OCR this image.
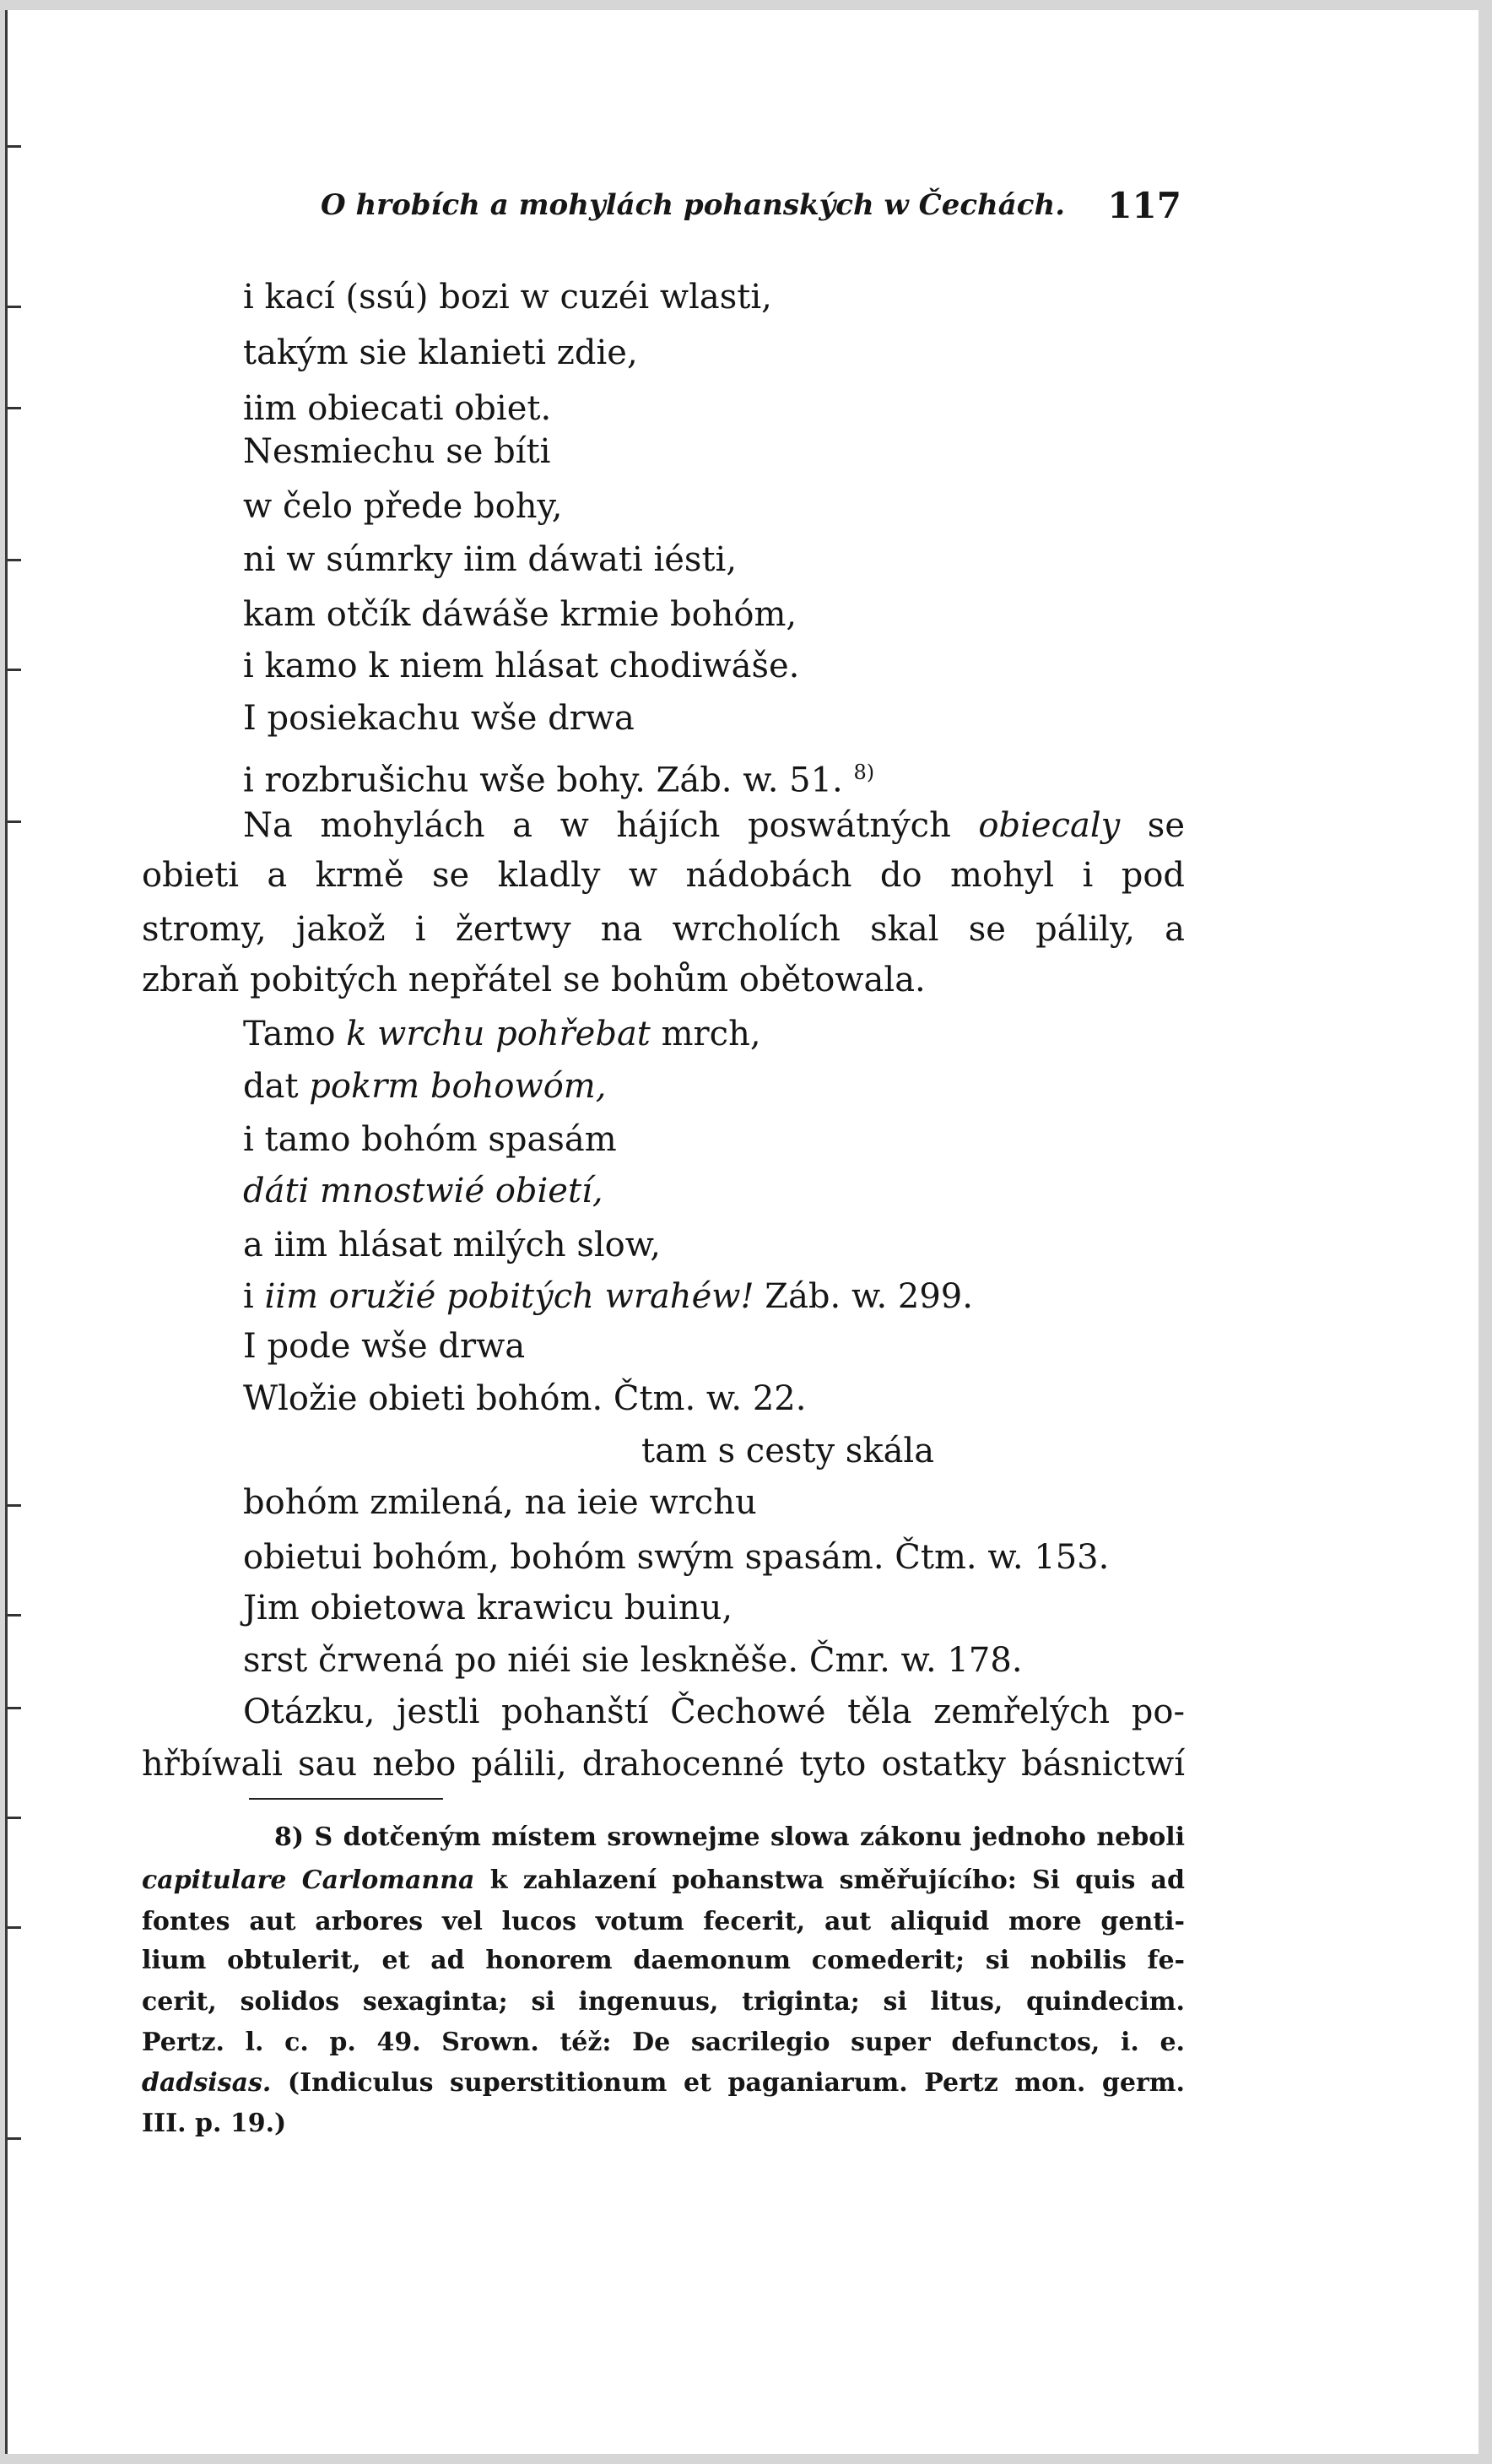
O hrobích a mohylách pohanských w Čechách. 117
i kací (ssú) bozi w cuzéi wlasti,
takým sie klanieti zdie,
iim obiecati obiet.
Nesmiechu se bíti
w čelo přede bohy,
ni w súmrky iim dáwati iésti,
kam otčík dáwáše krmie bohóm,
i kamo k niem hlásat chodiwáše.
I posiekachu wše drwa
i rozbrušichu wše bohy. Záb. w. 51. $^{8)}$
Na mohylách a w hájích poswátných obiecaly se
obieti a krmě se kladly w nádobách do mohyl i pod
stromy, jakož i žertwy na wrcholích skal se pálily, a
zbraň pobitých nepřátel se bohům obětowala.
Tamo k wrchu pohřebat mrch,
dat pokrm bohowóm,
i tamo bohóm spasám
dáti mnostwié obietí,
a iim hlásat milých slow,
i iim oružié pobitých wrahéw! Záb. w. 299.
I pode wše drwa
Wložie obieti bohóm. Čtm. w. 22.
tam s cesty skála
bohóm zmilená, na ieie wrchu
obietui bohóm, bohóm swým spasám. Čtm. w. 153.
Jim obietowa krawicu buinu,
srst črwená po niéi sie leskněše. Čmr. w. 178.
Otázku, jestli pohanští Čechowé těla zemřelých po-
hřbíwali sau nebo pálili, drahocenné tyto ostatky básnictwí
8) S dotčeným místem srownejme slowa zákonu jednoho neboli
capitulare Carlomanna k zahlazení pohanstwa směřujícího: Si quis ad
fontes aut arbores vel lucos votum fecerit, aut aliquid more genti-
lium obtulerit, et ad honorem daemonum comederit; si nobilis fe-
cerit, solidos sexaginta; si ingenuus, triginta; si litus, quindecim.
Pertz. l. c. p. 49. Srown. též: De sacrilegio super defunctos, i. e.
dadsisas. (Indiculus superstitionum et paganiarum. Pertz mon. germ.
III. p. 19.)
